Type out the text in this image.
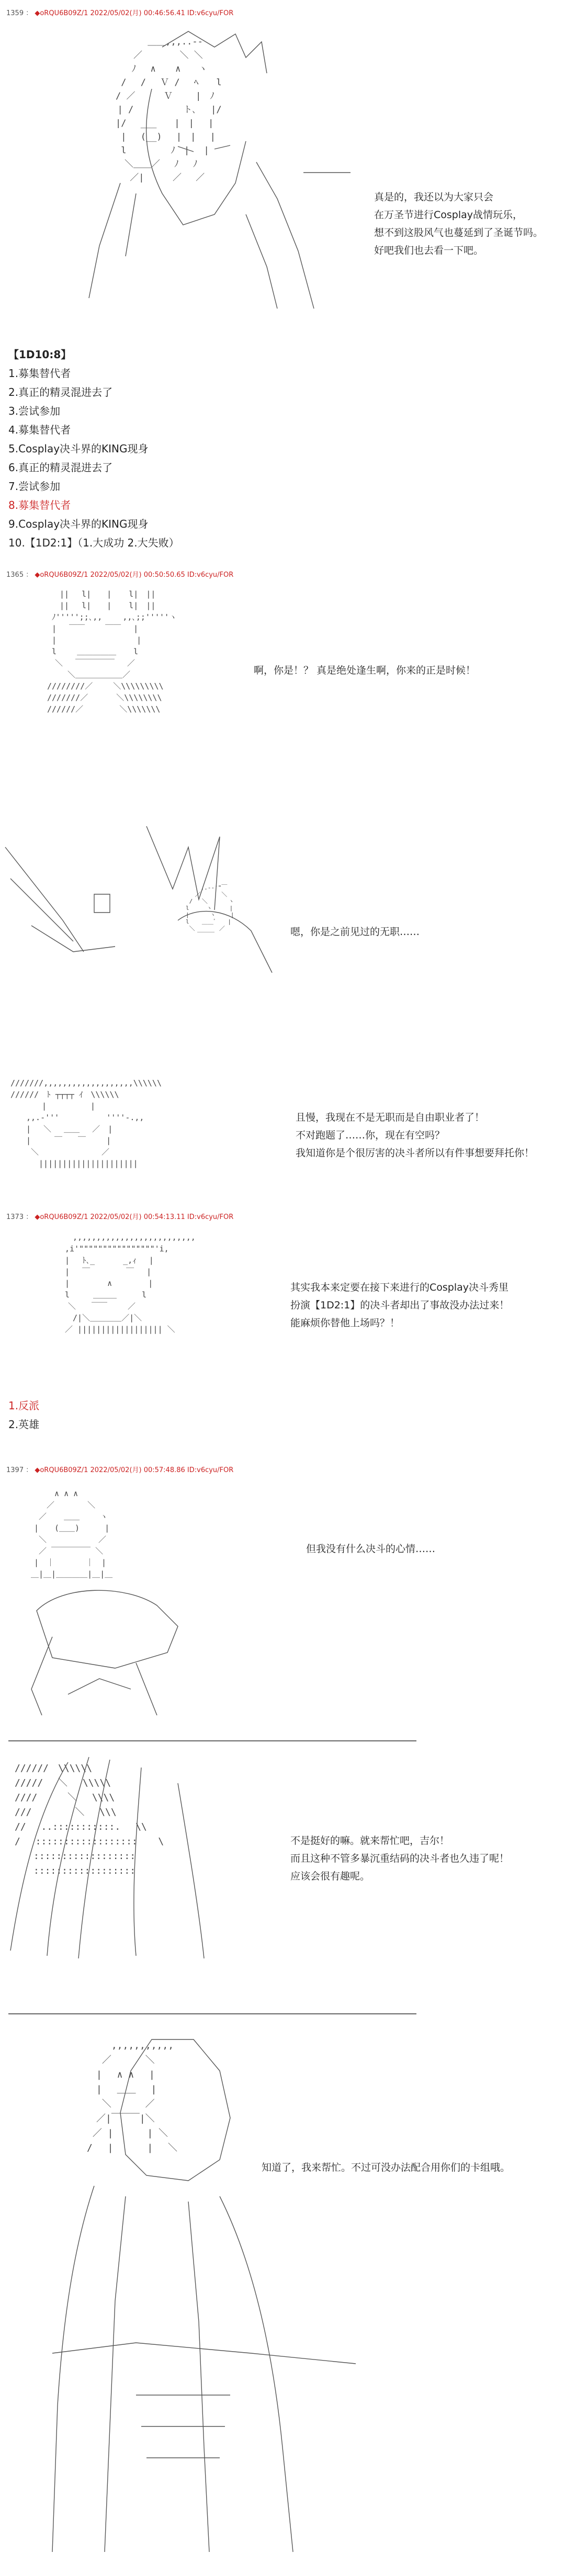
1359 ： ◆oRQU6B09Z/1 2022/05/02(月) 00:46:56.41 ID:v6cyu/FOR
　　　　　　 ＿＿,,,..-‐
　　　　　／ 　　　 ＼ ＼
　 　 　 ﾉ　 ∧ 　 ∧　　ヽ
　　　 /　 /　 Ｖ /　 ﾍ　　l
　　　/ ／ 　　 Ｖ　　 |　ﾉ
　 　 | /　　　　　 ト､ 　|/
　　　|/　 ___　　|　|　 |
　　　 |　 (__)　 |　|　 |
　　　 l　　　　　ﾉ　|　 |
　　　　＼＿＿／　 ﾉ　 ﾉ
　　　　 ／|　 　 ／　 ／
真是的，我还以为大家只会
在万圣节进行Cosplay战情玩乐，
想不到这股风气也蔓延到了圣诞节吗。
好吧我们也去看一下吧。
【1D10:8】
1.募集替代者
2.真正的精灵混进去了
3.尝试参加
4.募集替代者
5.Cosplay决斗界的KING现身
6.真正的精灵混进去了
7.尝试参加
8.募集替代者
9.Cosplay决斗界的KING现身
10.【1D2:1】（1.大成功 2.大失败）
1365 ： ◆oRQU6B09Z/1 2022/05/02(月) 00:50:50.65 ID:v6cyu/FOR
　 ||　 l|　　| 　 l|　||
　 ||　 l|　　| 　 l|　||
ﾉ''''';;､,,　　 ,,､;;'''''ヽ
|　 ￣￣　　 ￣￣ 　|
|　　　　　　　　 　 |
l　　 ＿＿＿＿＿ 　 l
　＼　 ￣￣￣￣￣　 ／
　　 ＼＿＿＿＿＿＿／
////////／　　 ＼\\\\\\\\\
///////／　　　 ＼\\\\\\\\
//////／　　　　 ＼\\\\\\\
啊，你是！？ 真是绝处逢生啊，你来的正是时候！
　　　　　　　 ,.-‐'"￣
　　　　　　 ／ 　　　＼
　　　　　 /　 ＼　　　 ヽ
　　　　　l　　　ヽ　　　|
　　　　　|　　　 ヽ　 　|
　　　　　l 　 ＿＿ﾞ　　|
　　　　　 ＼ 　　　 ／
　　　　　　　￣￣￣	嗯，你是之前见过的无职……
///////,,,,,,,,,,,,,,,,,,,\\\\\\
//////　ﾄ ┬┬┬┬ ｲ　\\\\\\
　　　　|　　　　　 |
　　,,.-'''　　　　　　''''-.,,
　　|　 ＼　 ＿＿ 　／　|
　　|　　　￣　　￣　　 |
　　 ＼　　　　　　　　／
　　　 |||||||||||||||||||||
且慢，我现在不是无职而是自由职业者了！
不对跑题了……你，现在有空吗？
我知道你是个很厉害的决斗者所以有件事想要拜托你！
1373 ： ◆oRQU6B09Z/1 2022/05/02(月) 00:54:13.11 ID:v6cyu/FOR
　　 ,,,,,,,,,,,,,,,,,,,,,,,,,,
　 ,i'""""""""""""""""'i,
　 |　 ﾄ､_　　　 _,ｨ　 |
　 |　 ￣　　　　 ￣　 |
　 |　 　 　 ∧　　　 　|
　 l　　　＿＿＿　 　 l
　　＼　　￣￣　　 ／
　　 /|＼＿＿＿＿／|＼
　 ／ |||||||||||||||||| ＼
其实我本来定要在接下来进行的Cosplay决斗秀里
扮演【1D2:1】的决斗者却出了事故没办法过来！
能麻烦你替他上场吗？！
1.反派
2.英雄
1397 ： ◆oRQU6B09Z/1 2022/05/02(月) 00:57:48.86 ID:v6cyu/FOR
　　　 ∧ ∧ ∧
　　 ／ 　　　 ＼
　 ／ 　 ＿＿　 　ヽ
　|　　(＿＿)　 　 |
　 ＼　　　　　　 ／
　 ／ ￣￣￣￣￣ ＼
　|　｜　　　　｜　|
＿|＿|＿＿＿＿|＿|＿
但我没有什么决斗的心情……
　//////　\\\\\\
　/////　 ＼ 　\\\\\
　////　 　 ＼ 　\\\\
　///　　　 　＼　 \\\
　//　 ..:::::::::::. 　\\
　/ 　:::::::::::::::::: 　 \
　　　::::::::::::::::::
　　　::::::::::::::::::
不是挺好的嘛。就来帮忙吧，吉尔！
而且这种不管多暴沉重结码的决斗者也久违了呢！
应该会很有趣呢。
　　　　 ,,,,,,,,,,,
　　　 ／　　　 ＼
　　　|　 ∧ ∧ 　|
　　　|　 ＿＿　 |
　　　 ＼ 　　　／
　　　／|￣￣￣|＼
　　 ／ |　　　 | ＼
　　/　 |　　　 |　 ＼
知道了，我来帮忙。不过可没办法配合用你们的卡组哦。
